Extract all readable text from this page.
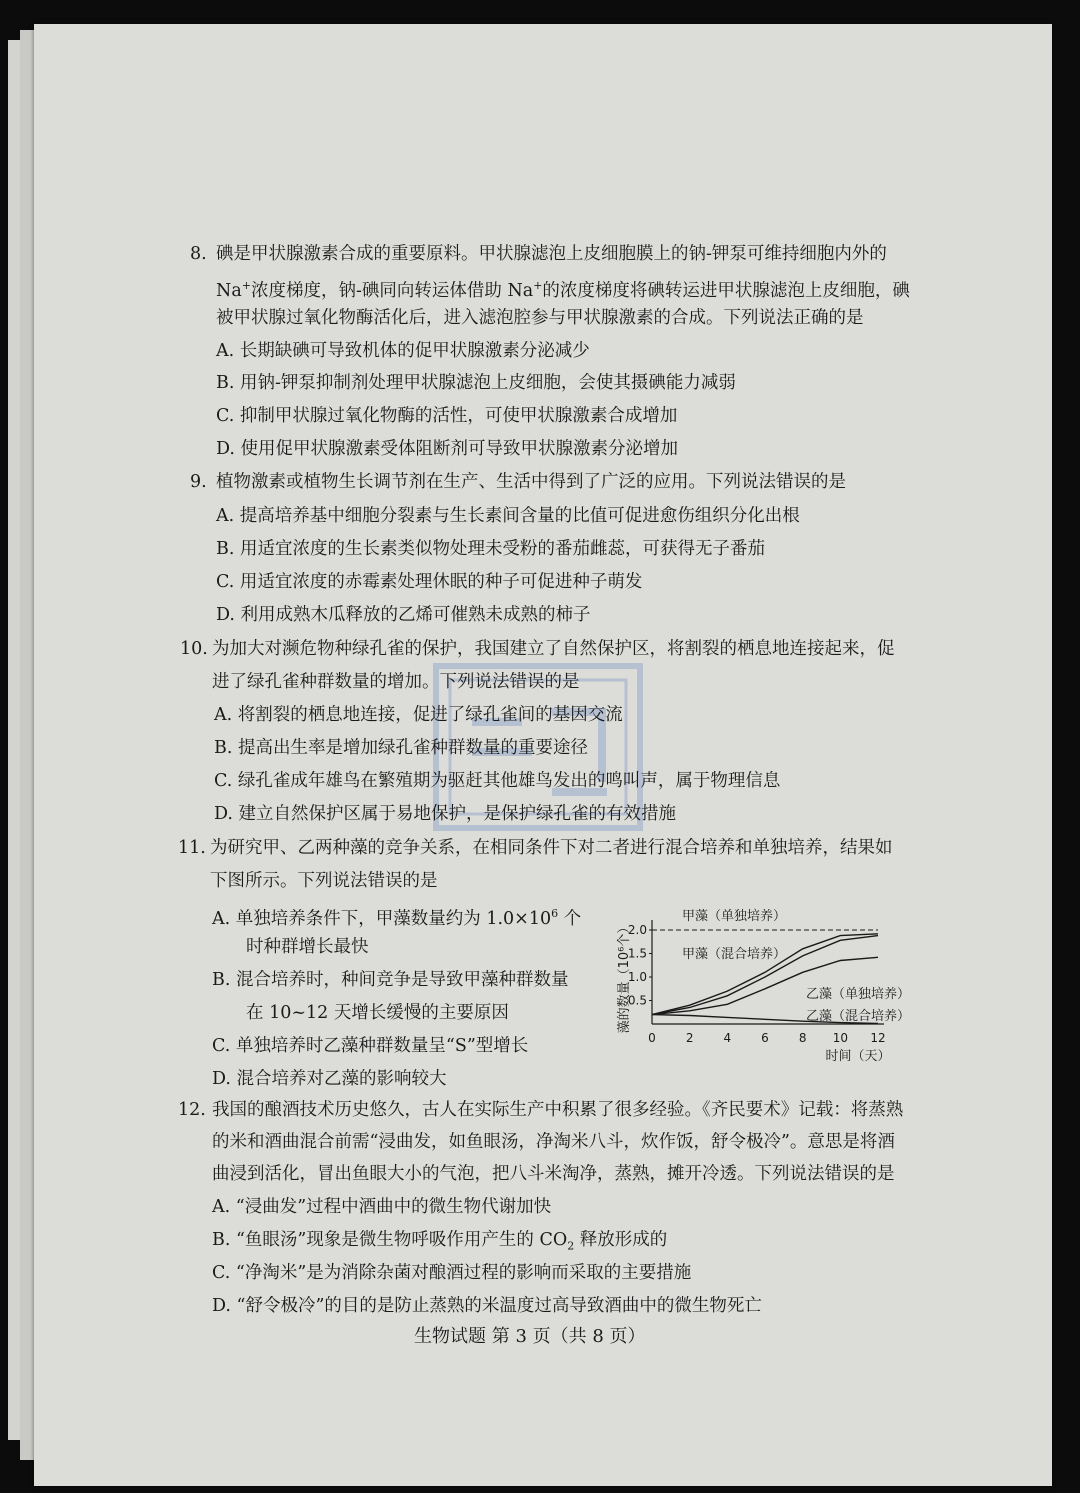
8. 碘是甲状腺激素合成的重要原料。甲状腺滤泡上皮细胞膜上的钠-钾泵可维持细胞内外的
Na+浓度梯度，钠-碘同向转运体借助 Na+的浓度梯度将碘转运进甲状腺滤泡上皮细胞，碘
被甲状腺过氧化物酶活化后，进入滤泡腔参与甲状腺激素的合成。下列说法正确的是
A. 长期缺碘可导致机体的促甲状腺激素分泌减少
B. 用钠-钾泵抑制剂处理甲状腺滤泡上皮细胞，会使其摄碘能力减弱
C. 抑制甲状腺过氧化物酶的活性，可使甲状腺激素合成增加
D. 使用促甲状腺激素受体阻断剂可导致甲状腺激素分泌增加
9. 植物激素或植物生长调节剂在生产、生活中得到了广泛的应用。下列说法错误的是
A. 提高培养基中细胞分裂素与生长素间含量的比值可促进愈伤组织分化出根
B. 用适宜浓度的生长素类似物处理未受粉的番茄雌蕊，可获得无子番茄
C. 用适宜浓度的赤霉素处理休眠的种子可促进种子萌发
D. 利用成熟木瓜释放的乙烯可催熟未成熟的柿子
10. 为加大对濒危物种绿孔雀的保护，我国建立了自然保护区，将割裂的栖息地连接起来，促
进了绿孔雀种群数量的增加。下列说法错误的是
A. 将割裂的栖息地连接，促进了绿孔雀间的基因交流
B. 提高出生率是增加绿孔雀种群数量的重要途径
C. 绿孔雀成年雄鸟在繁殖期为驱赶其他雄鸟发出的鸣叫声，属于物理信息
D. 建立自然保护区属于易地保护，是保护绿孔雀的有效措施
11. 为研究甲、乙两种藻的竞争关系，在相同条件下对二者进行混合培养和单独培养，结果如
下图所示。下列说法错误的是
A. 单独培养条件下，甲藻数量约为 $1.0\times 10^6$ 个
时种群增长最快
B. 混合培养时，种间竞争是导致甲藻种群数量
在 10~12 天增长缓慢的主要原因
C. 单独培养时乙藻种群数量呈“S”型增长
D. 混合培养对乙藻的影响较大
0	2	4	6	8 10 12
0.5
1.0
1.5
2.0
时间（天）
藻的数量（10⁶个）
甲藻（单独培养）
甲藻（混合培养）
乙藻（单独培养）
乙藻（混合培养）
12. 我国的酿酒技术历史悠久，古人在实际生产中积累了很多经验。《齐民要术》记载：将蒸熟
的米和酒曲混合前需“浸曲发，如鱼眼汤，净淘米八斗，炊作饭，舒令极冷”。意思是将酒
曲浸到活化，冒出鱼眼大小的气泡，把八斗米淘净，蒸熟，摊开冷透。下列说法错误的是
A. “浸曲发”过程中酒曲中的微生物代谢加快
B. “鱼眼汤”现象是微生物呼吸作用产生的 $CO_2$ 释放形成的
C. “净淘米”是为消除杂菌对酿酒过程的影响而采取的主要措施
D. “舒令极冷”的目的是防止蒸熟的米温度过高导致酒曲中的微生物死亡
生物试题 第 3 页（共 8 页）
